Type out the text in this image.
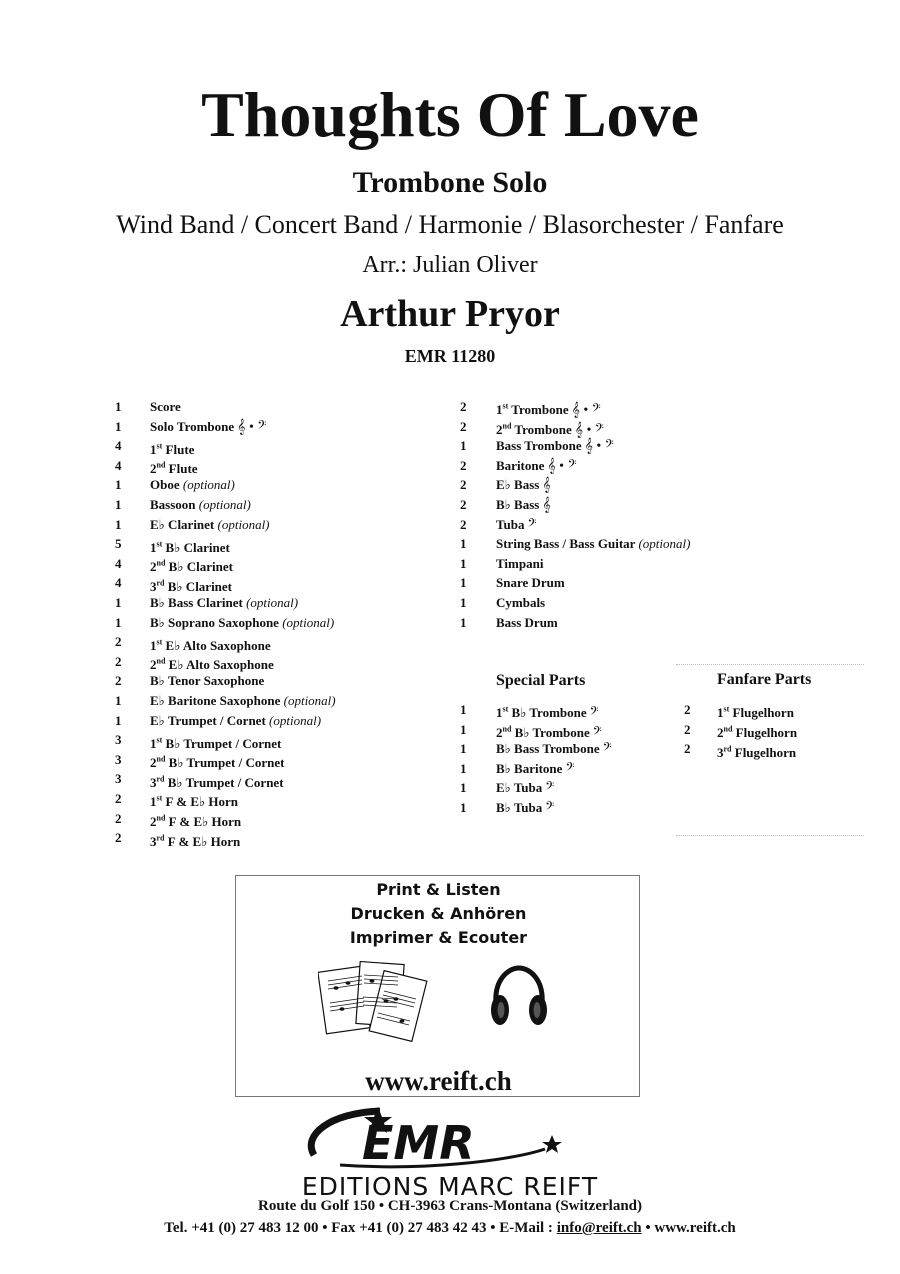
Thoughts Of Love
Trombone Solo
Wind Band / Concert Band / Harmonie / Blasorchester / Fanfare
Arr.: Julian Oliver
Arthur Pryor
EMR 11280
1	Score
1	Solo Trombone 𝄞 • 𝄢
4	1st Flute
4	2nd Flute
1	Oboe (optional)
1	Bassoon (optional)
1	E♭ Clarinet (optional)
5	1st B♭ Clarinet
4	2nd B♭ Clarinet
4	3rd B♭ Clarinet
1	B♭ Bass Clarinet (optional)
1	B♭ Soprano Saxophone (optional)
2	1st E♭ Alto Saxophone
2	2nd E♭ Alto Saxophone
2	B♭ Tenor Saxophone
1	E♭ Baritone Saxophone (optional)
1	E♭ Trumpet / Cornet (optional)
3	1st B♭ Trumpet / Cornet
3	2nd B♭ Trumpet / Cornet
3	3rd B♭ Trumpet / Cornet
2	1st F & E♭ Horn
2	2nd F & E♭ Horn
2	3rd F & E♭ Horn
2	1st Trombone 𝄞 • 𝄢
2	2nd Trombone 𝄞 • 𝄢
1	Bass Trombone 𝄞 • 𝄢
2	Baritone 𝄞 • 𝄢
2	E♭ Bass 𝄞
2	B♭ Bass 𝄞
2	Tuba 𝄢
1	String Bass / Bass Guitar (optional)
1	Timpani
1	Snare Drum
1	Cymbals
1	Bass Drum
Special Parts
1	1st B♭ Trombone 𝄢
1	2nd B♭ Trombone 𝄢
1	B♭ Bass Trombone 𝄢
1	B♭ Baritone 𝄢
1	E♭ Tuba 𝄢
1	B♭ Tuba 𝄢
Fanfare Parts
2	1st Flugelhorn
2	2nd Flugelhorn
2	3rd Flugelhorn
Print & Listen
Drucken & Anhören
Imprimer & Ecouter
www.reift.ch
EMR
EDITIONS MARC REIFT
Route du Golf 150 • CH-3963 Crans-Montana (Switzerland)
Tel. +41 (0) 27 483 12 00 • Fax +41 (0) 27 483 42 43 • E-Mail : info@reift.ch • www.reift.ch
